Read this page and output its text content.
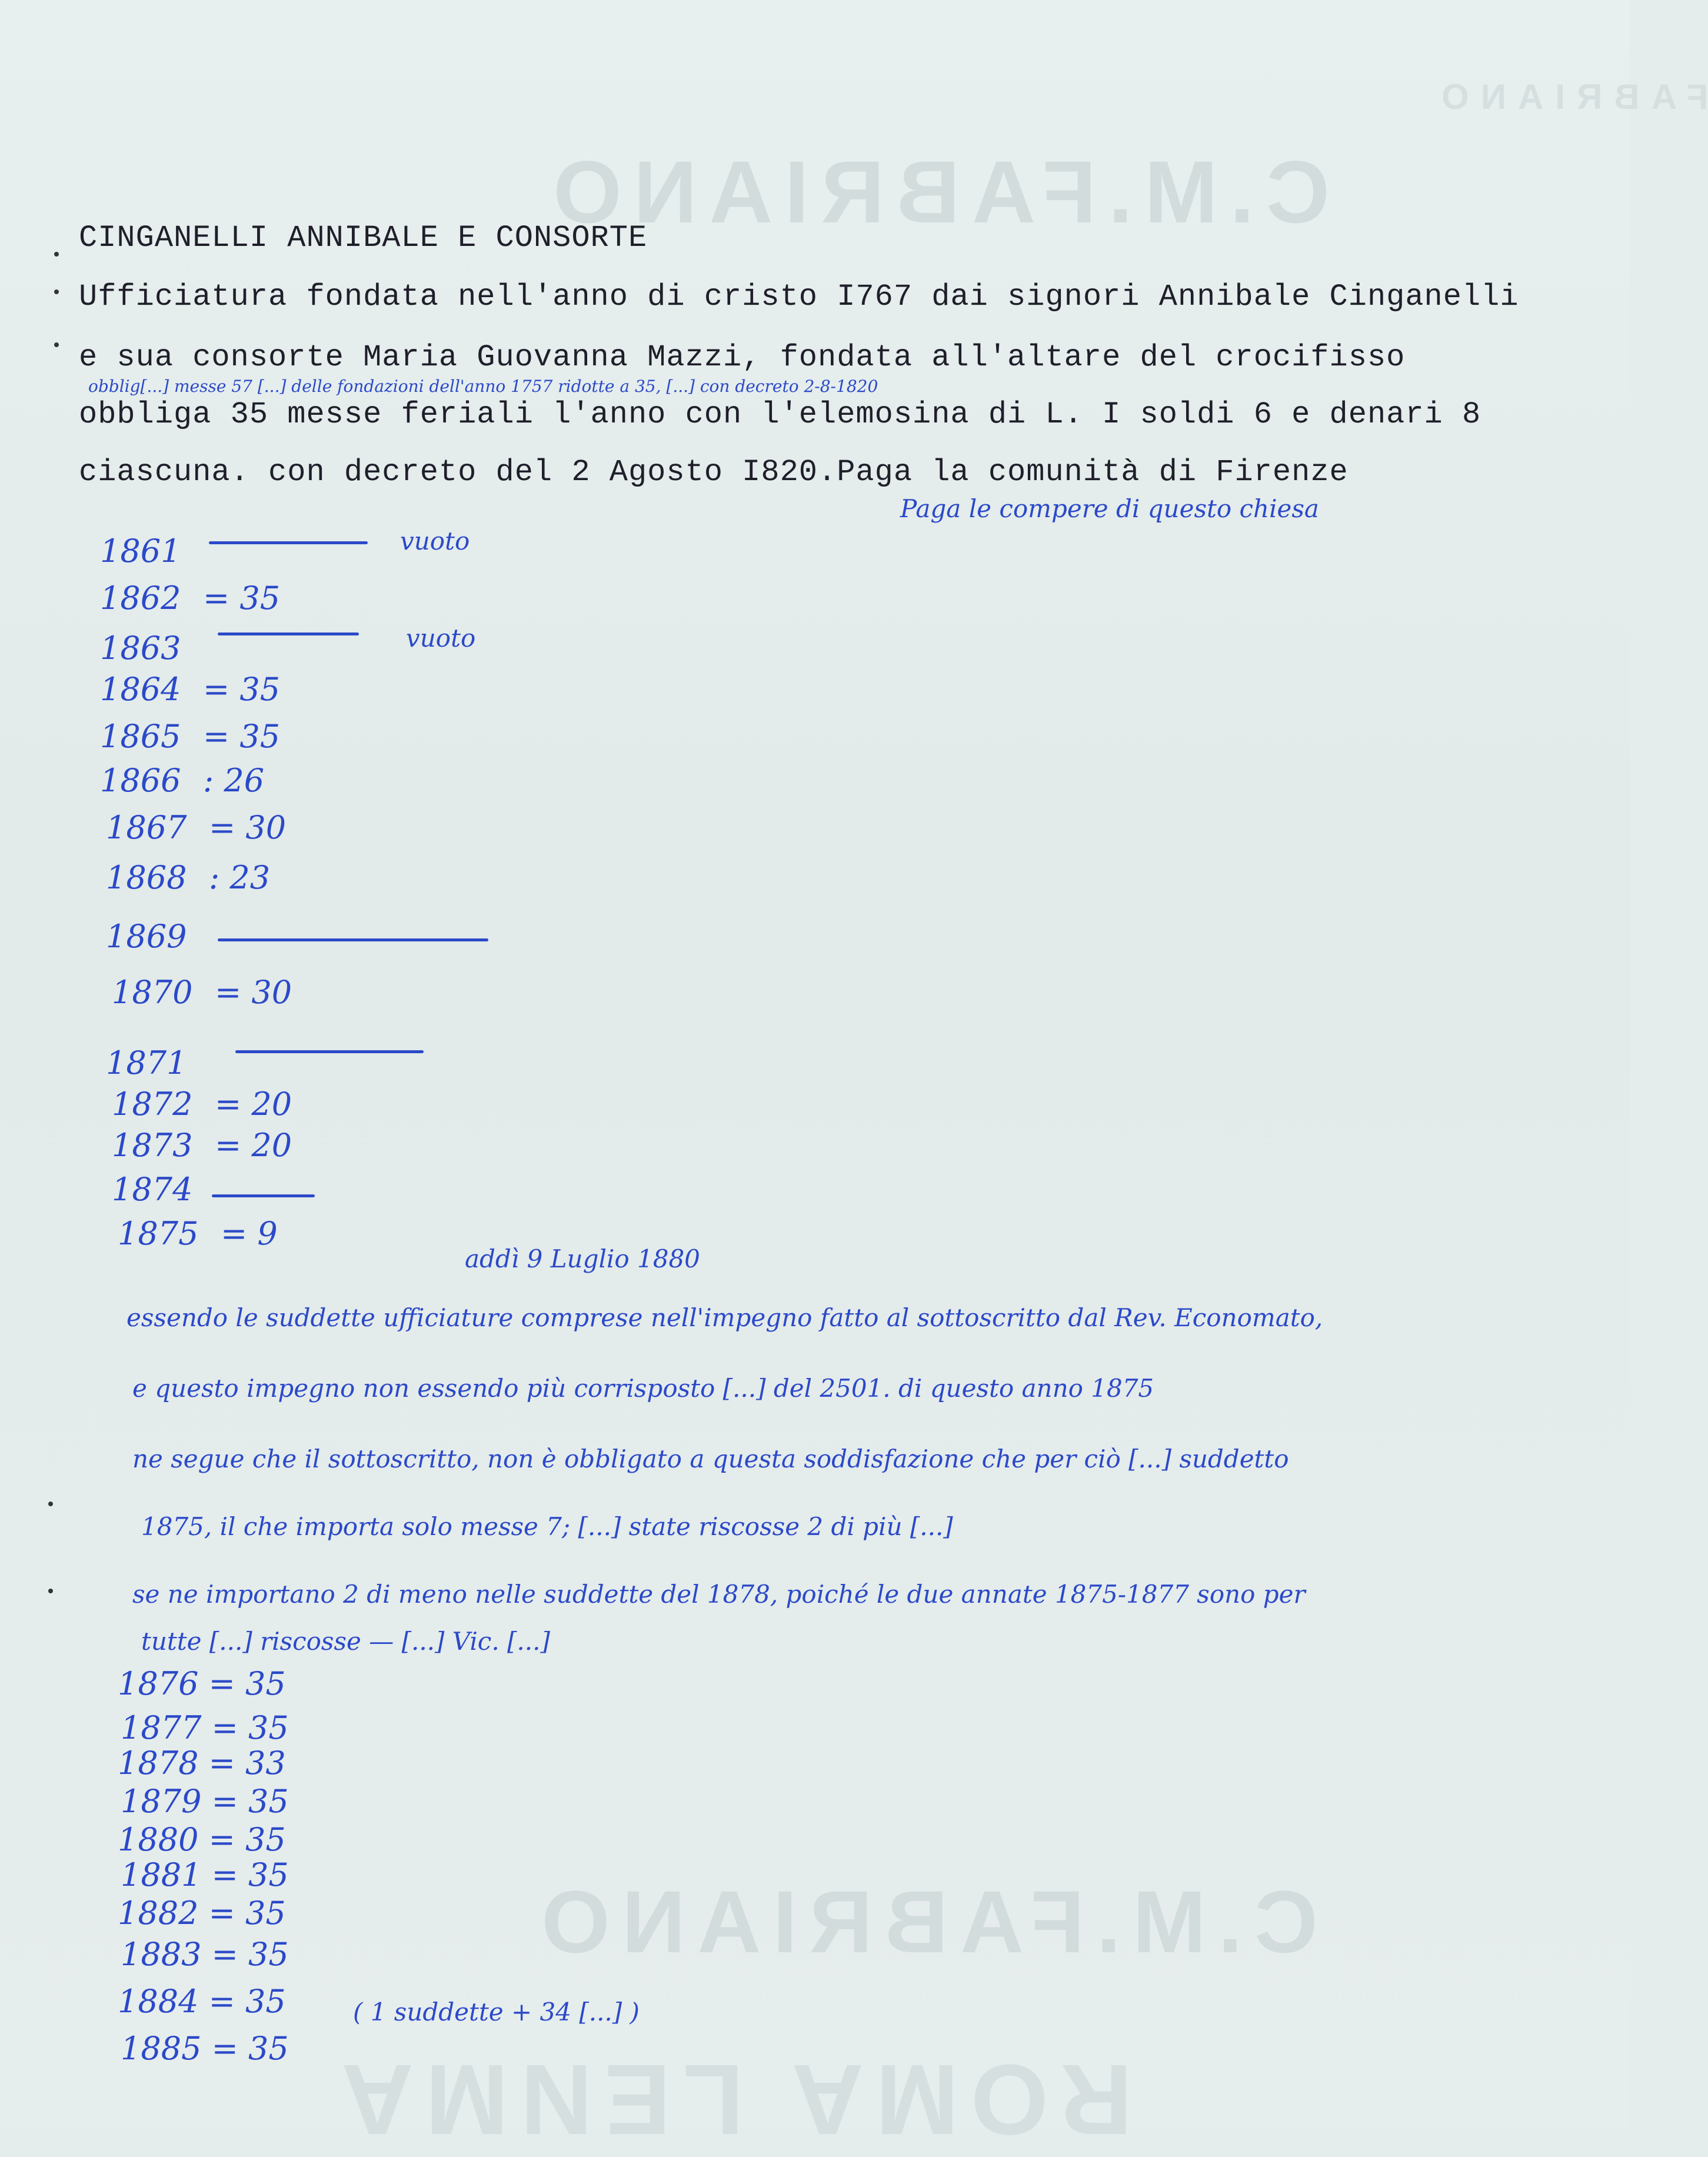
FABRIANO
C.M.FABRIANO
C.M.FABRIANO
ROMA LENMA
CINGANELLI ANNIBALE E CONSORTE
Ufficiatura fondata nell'anno di cristo I767 dai signori Annibale Cinganelli
e sua consorte Maria Guovanna Mazzi, fondata all'altare del crocifisso
obblig[...] messe 57 [...] delle fondazioni dell'anno 1757 ridotte a 35, [...] con decreto 2-8-1820
obbliga 35 messe feriali l'anno con l'elemosina di L. I soldi 6 e denari 8
ciascuna. con decreto del 2 Agosto I820.Paga la comunità di Firenze
Paga le compere di questo chiesa
1861	vuoto
1862 = 35
1863	vuoto
1864 = 35
1865 = 35
1866 : 26
1867 = 30
1868 : 23
1869
1870 = 30
1871
1872 = 20
1873 = 20
1874
1875 = 9
addì 9 Luglio 1880
essendo le suddette ufficiature comprese nell'impegno fatto al sottoscritto dal Rev. Economato,
e questo impegno non essendo più corrisposto [...] del 2501. di questo anno 1875
ne segue che il sottoscritto, non è obbligato a questa soddisfazione che per ciò [...] suddetto
1875, il che importa solo messe 7; [...] state riscosse 2 di più [...]
se ne importano 2 di meno nelle suddette del 1878, poiché le due annate 1875-1877 sono per
tutte [...] riscosse — [...] Vic. [...]
1876 = 35
1877 = 35
1878 = 33
1879 = 35
1880 = 35
1881 = 35
1882 = 35
1883 = 35
1884 = 35
1885 = 35
( 1 suddette + 34 [...] )
